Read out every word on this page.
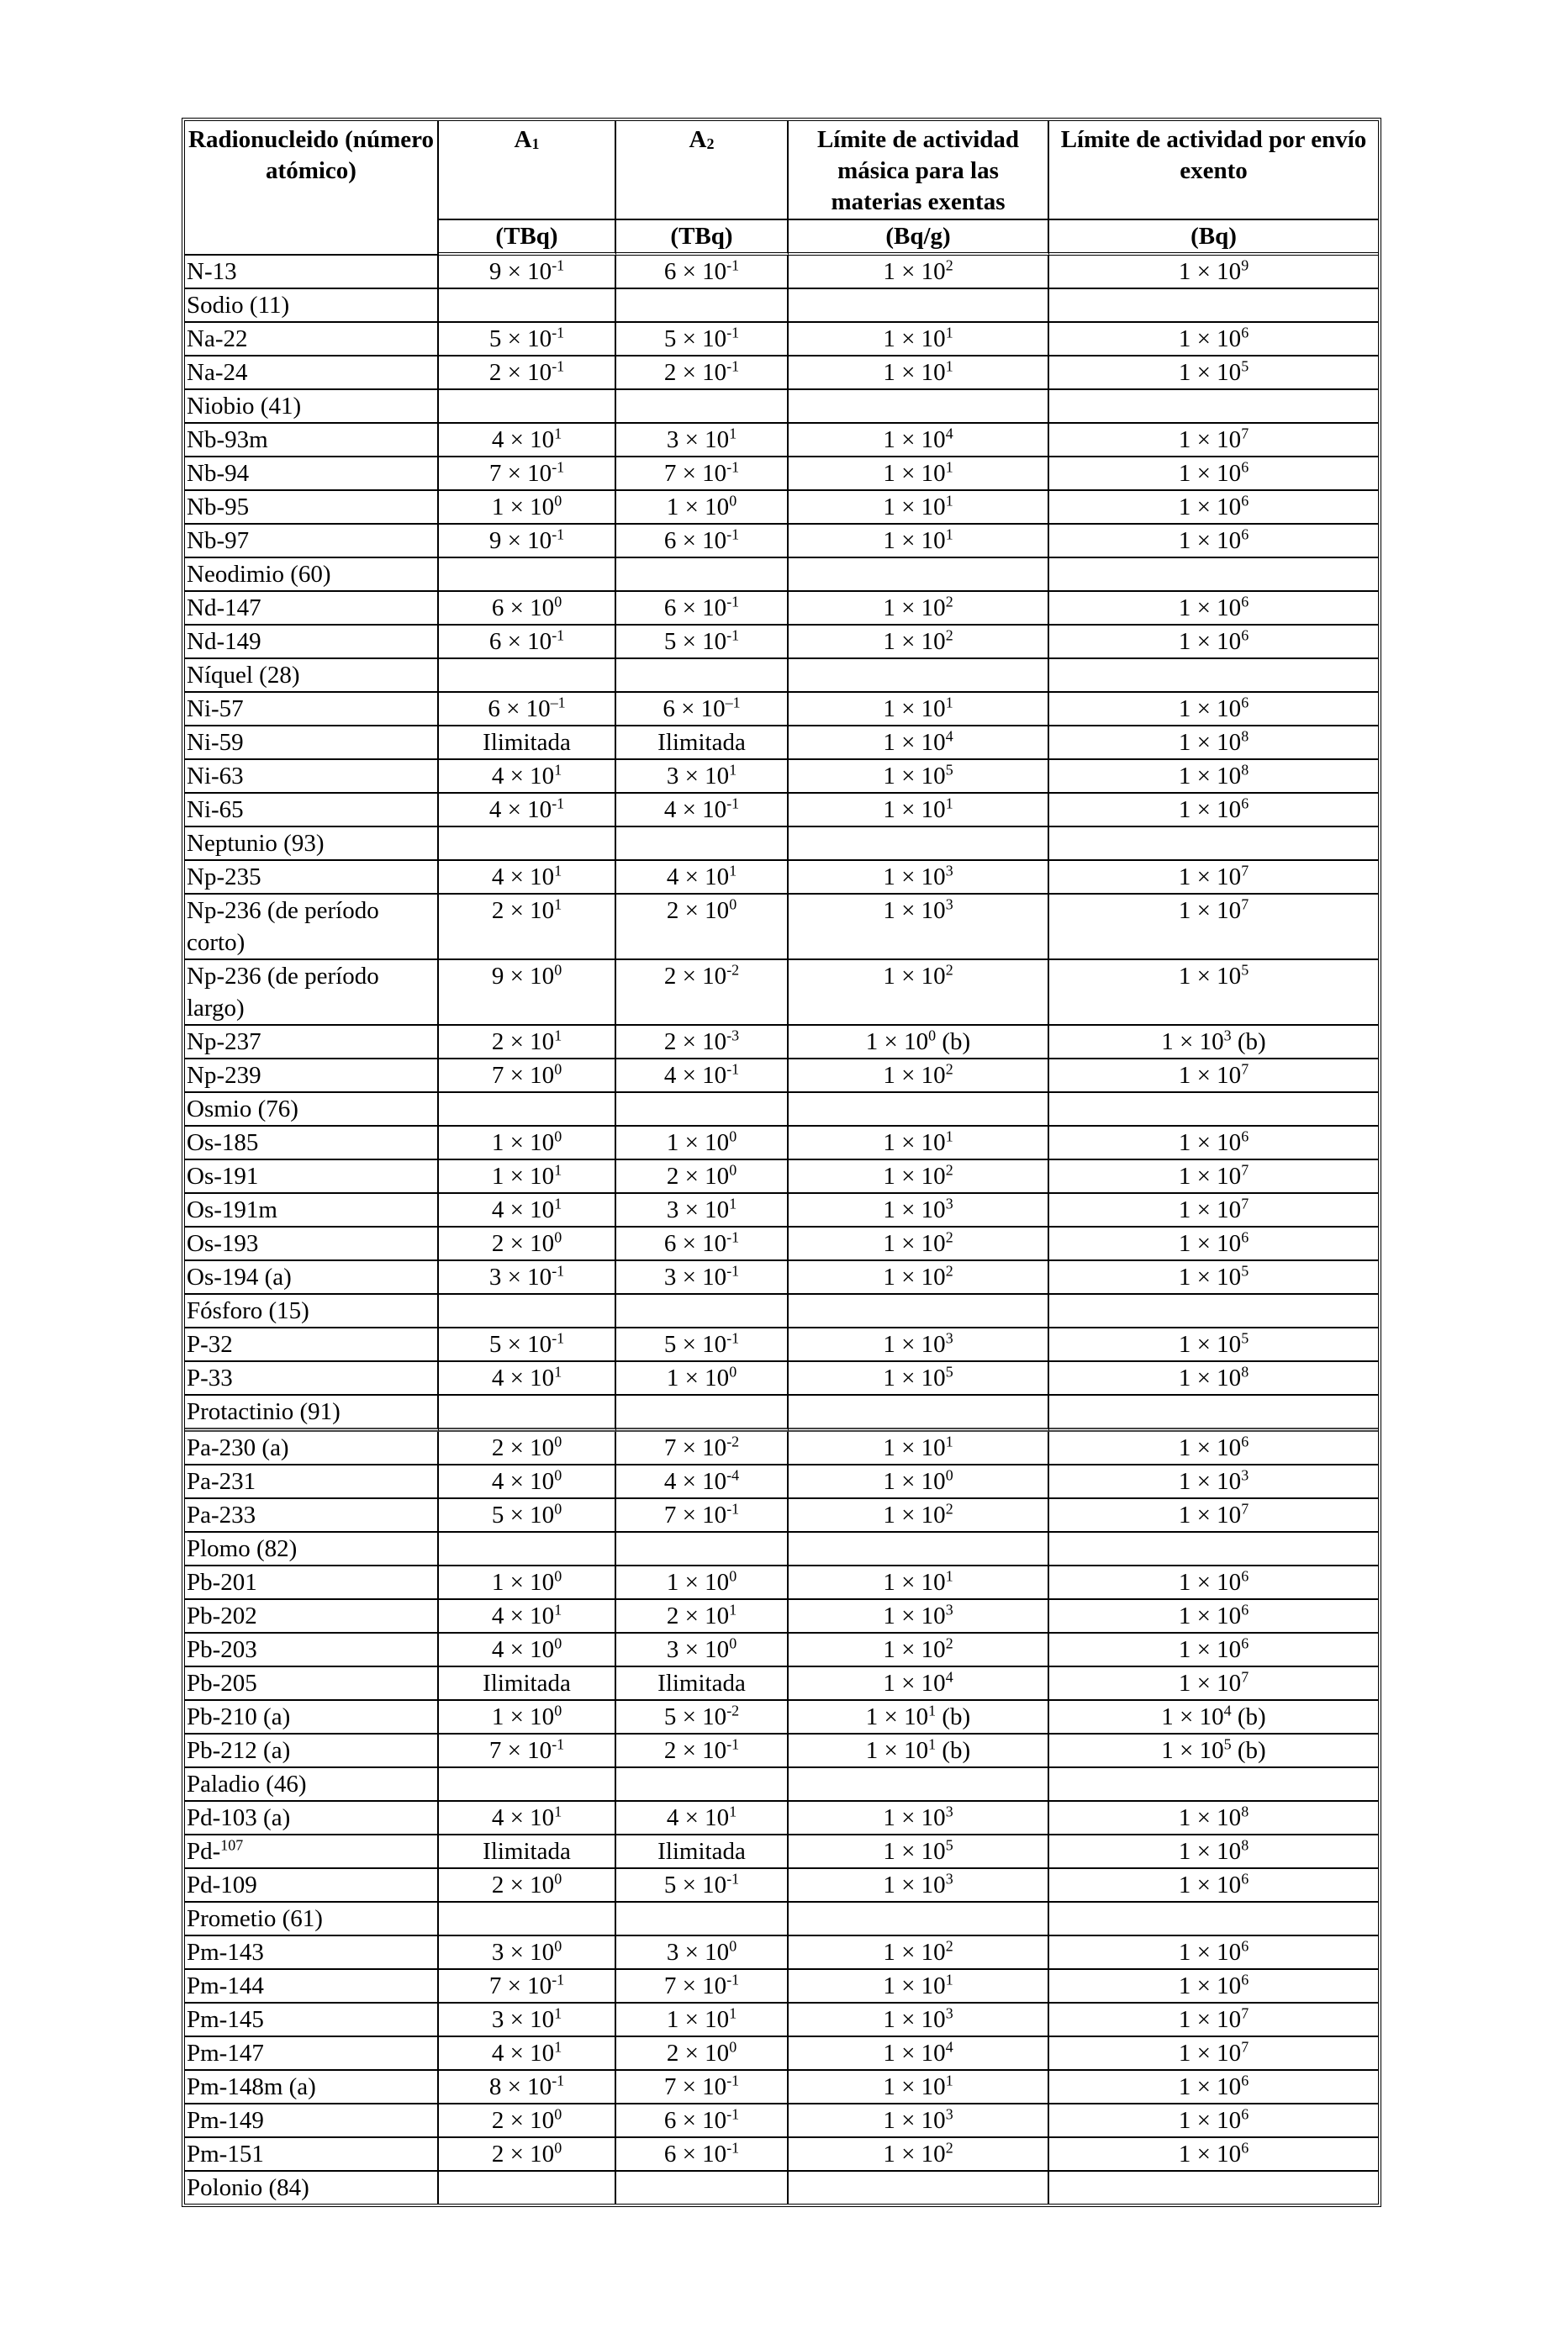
Radionucleido (número atómico)	$A_1$	$A_2$	Límite de actividad másica para las materias exentas	Límite de actividad por envío exento
	(TBq)	(TBq)	(Bq/g)	(Bq)
N-13	$9 \times 10^{-1}$	$6 \times 10^{-1}$	$1 \times 10^2$	$1 \times 10^9$
Sodio (11)				
Na-22	$5 \times 10^{-1}$	$5 \times 10^{-1}$	$1 \times 10^1$	$1 \times 10^6$
Na-24	$2 \times 10^{-1}$	$2 \times 10^{-1}$	$1 \times 10^1$	$1 \times 10^5$
Niobio (41)				
Nb-93m	$4 \times 10^1$	$3 \times 10^1$	$1 \times 10^4$	$1 \times 10^7$
Nb-94	$7 \times 10^{-1}$	$7 \times 10^{-1}$	$1 \times 10^1$	$1 \times 10^6$
Nb-95	$1 \times 10^0$	$1 \times 10^0$	$1 \times 10^1$	$1 \times 10^6$
Nb-97	$9 \times 10^{-1}$	$6 \times 10^{-1}$	$1 \times 10^1$	$1 \times 10^6$
Neodimio (60)				
Nd-147	$6 \times 10^0$	$6 \times 10^{-1}$	$1 \times 10^2$	$1 \times 10^6$
Nd-149	$6 \times 10^{-1}$	$5 \times 10^{-1}$	$1 \times 10^2$	$1 \times 10^6$
Níquel (28)				
Ni-57	$6 \times 10^{-1}$	$6 \times 10^{-1}$	$1 \times 10^1$	$1 \times 10^6$
Ni-59	Ilimitada	Ilimitada	$1 \times 10^4$	$1 \times 10^8$
Ni-63	$4 \times 10^1$	$3 \times 10^1$	$1 \times 10^5$	$1 \times 10^8$
Ni-65	$4 \times 10^{-1}$	$4 \times 10^{-1}$	$1 \times 10^1$	$1 \times 10^6$
Neptunio (93)				
Np-235	$4 \times 10^1$	$4 \times 10^1$	$1 \times 10^3$	$1 \times 10^7$
Np-236 (de período corto)	$2 \times 10^1$	$2 \times 10^0$	$1 \times 10^3$	$1 \times 10^7$
Np-236 (de período largo)	$9 \times 10^0$	$2 \times 10^{-2}$	$1 \times 10^2$	$1 \times 10^5$
Np-237	$2 \times 10^1$	$2 \times 10^{-3}$	$1 \times 10^0$ (b)	$1 \times 10^3$ (b)
Np-239	$7 \times 10^0$	$4 \times 10^{-1}$	$1 \times 10^2$	$1 \times 10^7$
Osmio (76)				
Os-185	$1 \times 10^0$	$1 \times 10^0$	$1 \times 10^1$	$1 \times 10^6$
Os-191	$1 \times 10^1$	$2 \times 10^0$	$1 \times 10^2$	$1 \times 10^7$
Os-191m	$4 \times 10^1$	$3 \times 10^1$	$1 \times 10^3$	$1 \times 10^7$
Os-193	$2 \times 10^0$	$6 \times 10^{-1}$	$1 \times 10^2$	$1 \times 10^6$
Os-194 (a)	$3 \times 10^{-1}$	$3 \times 10^{-1}$	$1 \times 10^2$	$1 \times 10^5$
Fósforo (15)				
P-32	$5 \times 10^{-1}$	$5 \times 10^{-1}$	$1 \times 10^3$	$1 \times 10^5$
P-33	$4 \times 10^1$	$1 \times 10^0$	$1 \times 10^5$	$1 \times 10^8$
Protactinio (91)				
Pa-230 (a)	$2 \times 10^0$	$7 \times 10^{-2}$	$1 \times 10^1$	$1 \times 10^6$
Pa-231	$4 \times 10^0$	$4 \times 10^{-4}$	$1 \times 10^0$	$1 \times 10^3$
Pa-233	$5 \times 10^0$	$7 \times 10^{-1}$	$1 \times 10^2$	$1 \times 10^7$
Plomo (82)				
Pb-201	$1 \times 10^0$	$1 \times 10^0$	$1 \times 10^1$	$1 \times 10^6$
Pb-202	$4 \times 10^1$	$2 \times 10^1$	$1 \times 10^3$	$1 \times 10^6$
Pb-203	$4 \times 10^0$	$3 \times 10^0$	$1 \times 10^2$	$1 \times 10^6$
Pb-205	Ilimitada	Ilimitada	$1 \times 10^4$	$1 \times 10^7$
Pb-210 (a)	$1 \times 10^0$	$5 \times 10^{-2}$	$1 \times 10^1$ (b)	$1 \times 10^4$ (b)
Pb-212 (a)	$7 \times 10^{-1}$	$2 \times 10^{-1}$	$1 \times 10^1$ (b)	$1 \times 10^5$ (b)
Paladio (46)				
Pd-103 (a)	$4 \times 10^1$	$4 \times 10^1$	$1 \times 10^3$	$1 \times 10^8$
Pd-$^{107}$	Ilimitada	Ilimitada	$1 \times 10^5$	$1 \times 10^8$
Pd-109	$2 \times 10^0$	$5 \times 10^{-1}$	$1 \times 10^3$	$1 \times 10^6$
Prometio (61)				
Pm-143	$3 \times 10^0$	$3 \times 10^0$	$1 \times 10^2$	$1 \times 10^6$
Pm-144	$7 \times 10^{-1}$	$7 \times 10^{-1}$	$1 \times 10^1$	$1 \times 10^6$
Pm-145	$3 \times 10^1$	$1 \times 10^1$	$1 \times 10^3$	$1 \times 10^7$
Pm-147	$4 \times 10^1$	$2 \times 10^0$	$1 \times 10^4$	$1 \times 10^7$
Pm-148m (a)	$8 \times 10^{-1}$	$7 \times 10^{-1}$	$1 \times 10^1$	$1 \times 10^6$
Pm-149	$2 \times 10^0$	$6 \times 10^{-1}$	$1 \times 10^3$	$1 \times 10^6$
Pm-151	$2 \times 10^0$	$6 \times 10^{-1}$	$1 \times 10^2$	$1 \times 10^6$
Polonio (84)				
